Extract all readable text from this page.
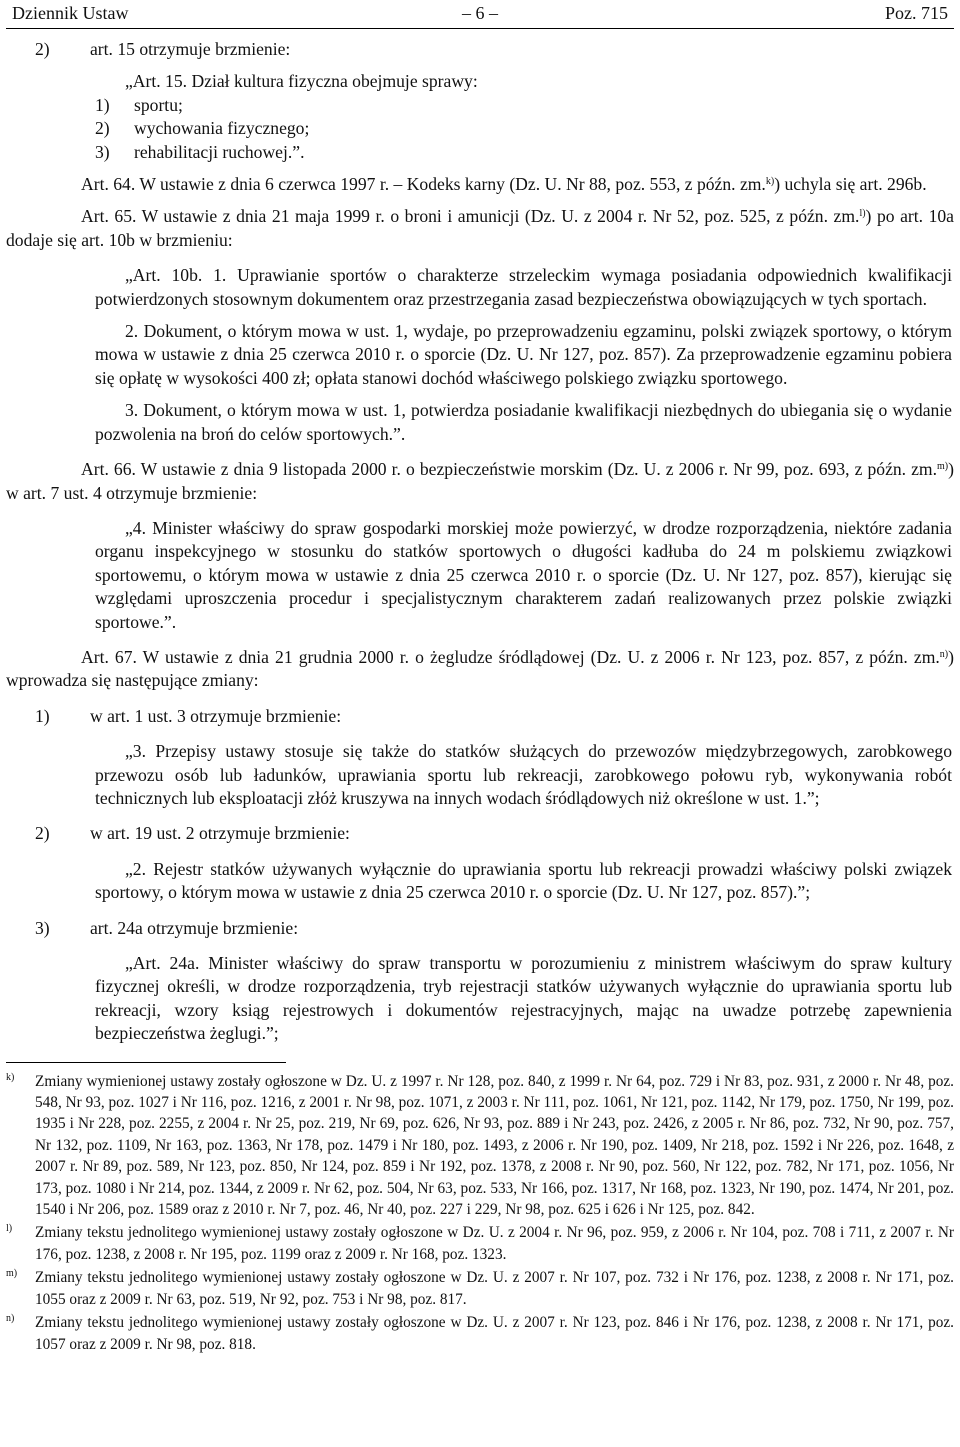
Dziennik Ustaw	– 6 –	Poz. 715

2) art. 15 otrzymuje brzmienie:

„Art. 15. Dział kultura fizyczna obejmuje sprawy:

1) sportu;

2) wychowania fizycznego;

3) rehabilitacji ruchowej.”.

Art. 64. W ustawie z dnia 6 czerwca 1997 r. – Kodeks karny (Dz. U. Nr 88, poz. 553, z późn. zm.$^{k)}$) uchyla się art. 296b.

Art. 65. W ustawie z dnia 21 maja 1999 r. o broni i amunicji (Dz. U. z 2004 r. Nr 52, poz. 525, z późn. zm.$^{l)}$) po art. 10a dodaje się art. 10b w brzmieniu:

„Art. 10b. 1. Uprawianie sportów o charakterze strzeleckim wymaga posiadania odpowiednich kwalifikacji potwierdzonych stosownym dokumentem oraz przestrzegania zasad bezpieczeństwa obowiązujących w tych sportach.

2. Dokument, o którym mowa w ust. 1, wydaje, po przeprowadzeniu egzaminu, polski związek sportowy, o którym mowa w ustawie z dnia 25 czerwca 2010 r. o sporcie (Dz. U. Nr 127, poz. 857). Za przeprowadzenie egzaminu pobiera się opłatę w wysokości 400 zł; opłata stanowi dochód właściwego polskiego związku sportowego.

3. Dokument, o którym mowa w ust. 1, potwierdza posiadanie kwalifikacji niezbędnych do ubiegania się o wydanie pozwolenia na broń do celów sportowych.”.

Art. 66. W ustawie z dnia 9 listopada 2000 r. o bezpieczeństwie morskim (Dz. U. z 2006 r. Nr 99, poz. 693, z późn. zm.$^{m)}$) w art. 7 ust. 4 otrzymuje brzmienie:

„4. Minister właściwy do spraw gospodarki morskiej może powierzyć, w drodze rozporządzenia, niektóre zadania organu inspekcyjnego w stosunku do statków sportowych o długości kadłuba do 24 m polskiemu związkowi sportowemu, o którym mowa w ustawie z dnia 25 czerwca 2010 r. o sporcie (Dz. U. Nr 127, poz. 857), kierując się względami uproszczenia procedur i specjalistycznym charakterem zadań realizowanych przez polskie związki sportowe.”.

Art. 67. W ustawie z dnia 21 grudnia 2000 r. o żegludze śródlądowej (Dz. U. z 2006 r. Nr 123, poz. 857, z późn. zm.$^{n)}$) wprowadza się następujące zmiany:

1) w art. 1 ust. 3 otrzymuje brzmienie:

„3. Przepisy ustawy stosuje się także do statków służących do przewozów międzybrzegowych, zarobkowego przewozu osób lub ładunków, uprawiania sportu lub rekreacji, zarobkowego połowu ryb, wykonywania robót technicznych lub eksploatacji złóż kruszywa na innych wodach śródlądowych niż określone w ust. 1.”;

2) w art. 19 ust. 2 otrzymuje brzmienie:

„2. Rejestr statków używanych wyłącznie do uprawiania sportu lub rekreacji prowadzi właściwy polski związek sportowy, o którym mowa w ustawie z dnia 25 czerwca 2010 r. o sporcie (Dz. U. Nr 127, poz. 857).”;

3) art. 24a otrzymuje brzmienie:

„Art. 24a. Minister właściwy do spraw transportu w porozumieniu z ministrem właściwym do spraw kultury fizycznej określi, w drodze rozporządzenia, tryb rejestracji statków używanych wyłącznie do uprawiania sportu lub rekreacji, wzory ksiąg rejestrowych i dokumentów rejestracyjnych, mając na uwadze potrzebę zapewnienia bezpieczeństwa żeglugi.”;

k) Zmiany wymienionej ustawy zostały ogłoszone w Dz. U. z 1997 r. Nr 128, poz. 840, z 1999 r. Nr 64, poz. 729 i Nr 83, poz. 931, z 2000 r. Nr 48, poz. 548, Nr 93, poz. 1027 i Nr 116, poz. 1216, z 2001 r. Nr 98, poz. 1071, z 2003 r. Nr 111, poz. 1061, Nr 121, poz. 1142, Nr 179, poz. 1750, Nr 199, poz. 1935 i Nr 228, poz. 2255, z 2004 r. Nr 25, poz. 219, Nr 69, poz. 626, Nr 93, poz. 889 i Nr 243, poz. 2426, z 2005 r. Nr 86, poz. 732, Nr 90, poz. 757, Nr 132, poz. 1109, Nr 163, poz. 1363, Nr 178, poz. 1479 i Nr 180, poz. 1493, z 2006 r. Nr 190, poz. 1409, Nr 218, poz. 1592 i Nr 226, poz. 1648, z 2007 r. Nr 89, poz. 589, Nr 123, poz. 850, Nr 124, poz. 859 i Nr 192, poz. 1378, z 2008 r. Nr 90, poz. 560, Nr 122, poz. 782, Nr 171, poz. 1056, Nr 173, poz. 1080 i Nr 214, poz. 1344, z 2009 r. Nr 62, poz. 504, Nr 63, poz. 533, Nr 166, poz. 1317, Nr 168, poz. 1323, Nr 190, poz. 1474, Nr 201, poz. 1540 i Nr 206, poz. 1589 oraz z 2010 r. Nr 7, poz. 46, Nr 40, poz. 227 i 229, Nr 98, poz. 625 i 626 i Nr 125, poz. 842.

l) Zmiany tekstu jednolitego wymienionej ustawy zostały ogłoszone w Dz. U. z 2004 r. Nr 96, poz. 959, z 2006 r. Nr 104, poz. 708 i 711, z 2007 r. Nr 176, poz. 1238, z 2008 r. Nr 195, poz. 1199 oraz z 2009 r. Nr 168, poz. 1323.

m) Zmiany tekstu jednolitego wymienionej ustawy zostały ogłoszone w Dz. U. z 2007 r. Nr 107, poz. 732 i Nr 176, poz. 1238, z 2008 r. Nr 171, poz. 1055 oraz z 2009 r. Nr 63, poz. 519, Nr 92, poz. 753 i Nr 98, poz. 817.

n) Zmiany tekstu jednolitego wymienionej ustawy zostały ogłoszone w Dz. U. z 2007 r. Nr 123, poz. 846 i Nr 176, poz. 1238, z 2008 r. Nr 171, poz. 1057 oraz z 2009 r. Nr 98, poz. 818.
